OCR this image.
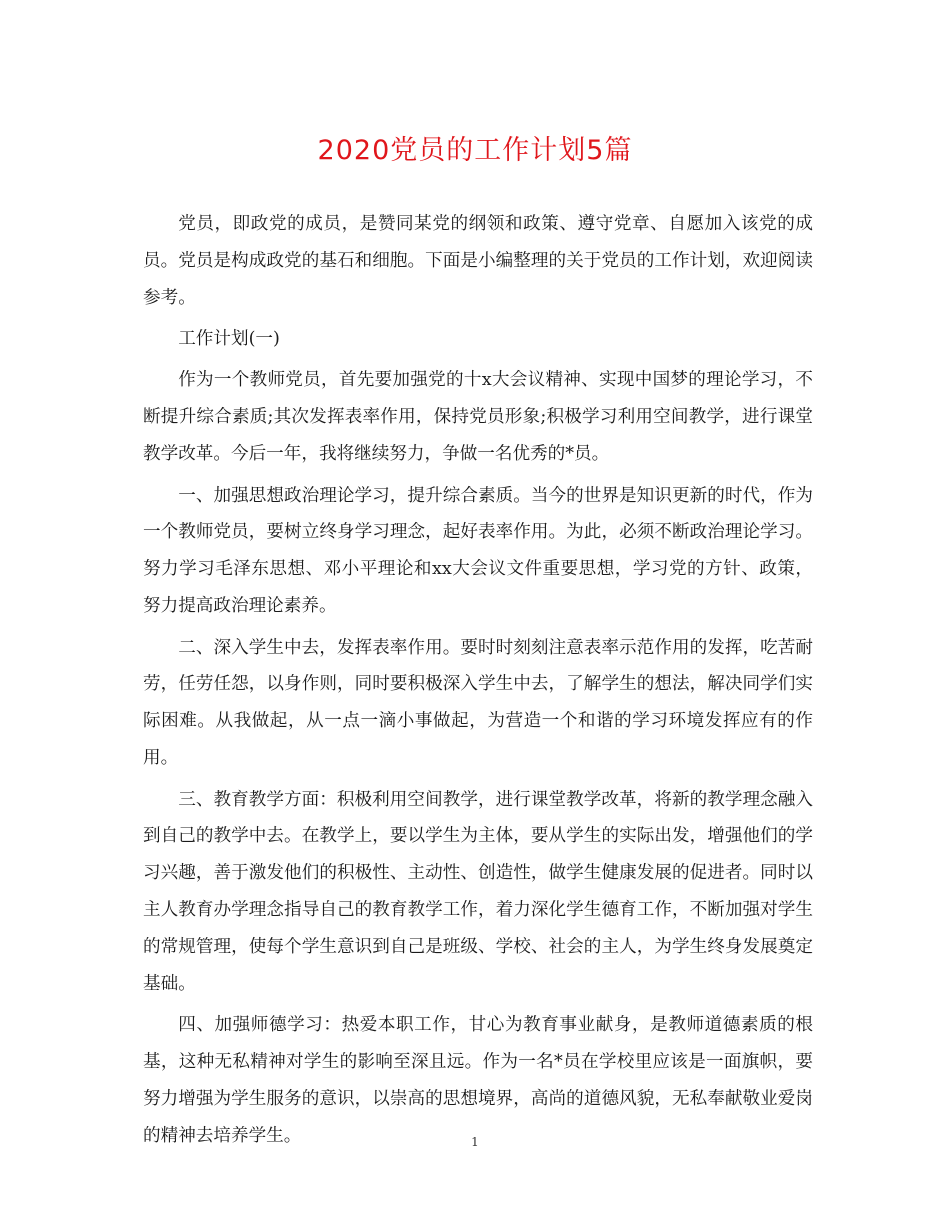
2020党员的工作计划5篇

党员，即政党的成员，是赞同某党的纲领和政策、遵守党章、自愿加入该党的成员。党员是构成政党的基石和细胞。下面是小编整理的关于党员的工作计划，欢迎阅读参考。

工作计划(一)

作为一个教师党员，首先要加强党的十x大会议精神、实现中国梦的理论学习，不断提升综合素质;其次发挥表率作用，保持党员形象;积极学习利用空间教学，进行课堂教学改革。今后一年，我将继续努力，争做一名优秀的*员。

一、加强思想政治理论学习，提升综合素质。当今的世界是知识更新的时代，作为一个教师党员，要树立终身学习理念，起好表率作用。为此，必须不断政治理论学习。努力学习毛泽东思想、邓小平理论和xx大会议文件重要思想，学习党的方针、政策，努力提高政治理论素养。

二、深入学生中去，发挥表率作用。要时时刻刻注意表率示范作用的发挥，吃苦耐劳，任劳任怨，以身作则，同时要积极深入学生中去，了解学生的想法，解决同学们实际困难。从我做起，从一点一滴小事做起，为营造一个和谐的学习环境发挥应有的作用。

三、教育教学方面：积极利用空间教学，进行课堂教学改革，将新的教学理念融入到自己的教学中去。在教学上，要以学生为主体，要从学生的实际出发，增强他们的学习兴趣，善于激发他们的积极性、主动性、创造性，做学生健康发展的促进者。同时以主人教育办学理念指导自己的教育教学工作，着力深化学生德育工作，不断加强对学生的常规管理，使每个学生意识到自己是班级、学校、社会的主人，为学生终身发展奠定基础。

四、加强师德学习：热爱本职工作，甘心为教育事业献身，是教师道德素质的根基，这种无私精神对学生的影响至深且远。作为一名*员在学校里应该是一面旗帜，要努力增强为学生服务的意识，以崇高的思想境界，高尚的道德风貌，无私奉献敬业爱岗的精神去培养学生。	1
